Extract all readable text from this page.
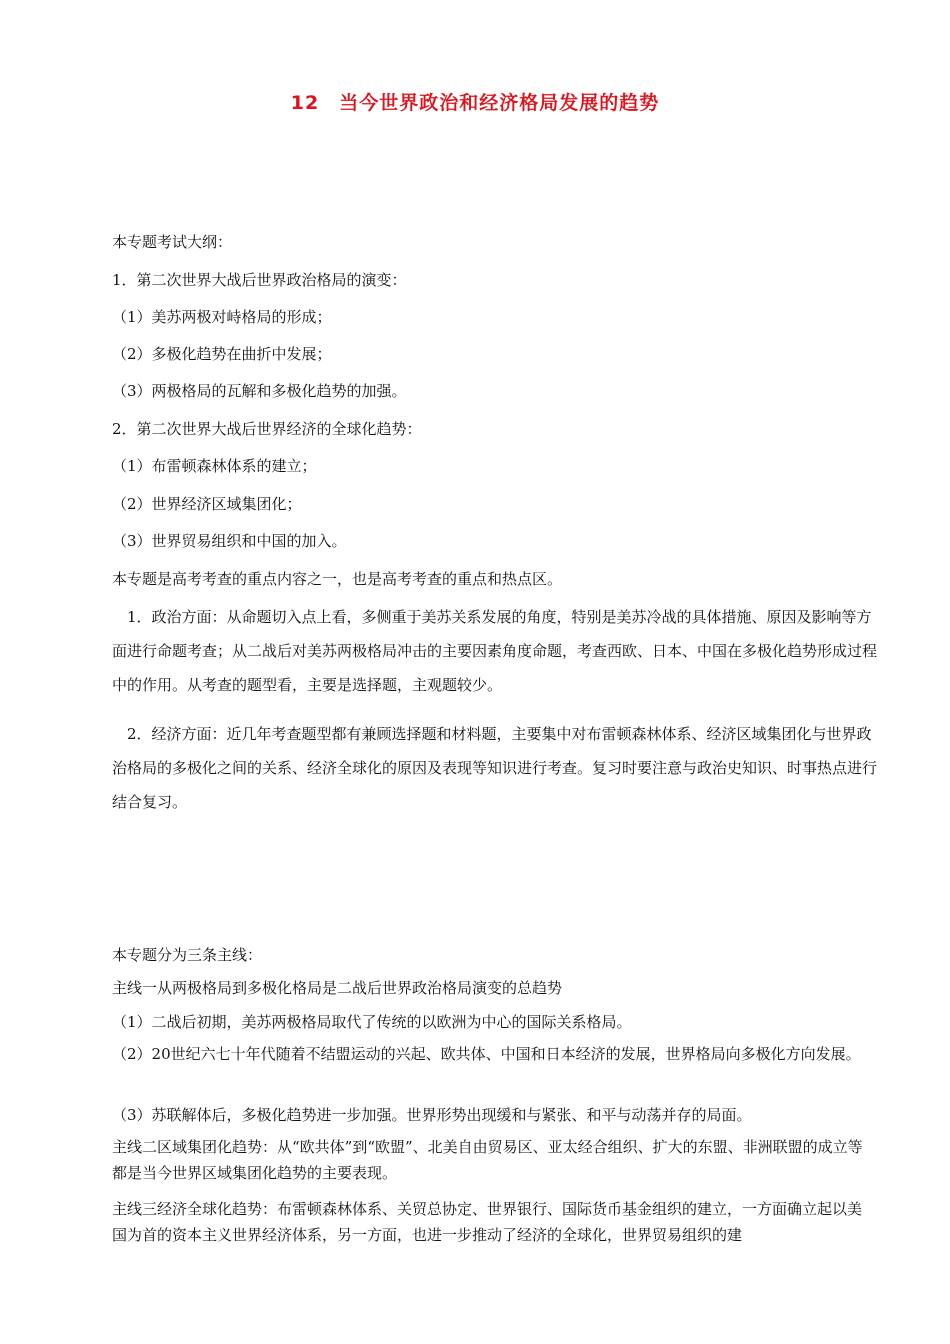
12　当今世界政治和经济格局发展的趋势
本专题考试大纲：
1．第二次世界大战后世界政治格局的演变：
（1）美苏两极对峙格局的形成；
（2）多极化趋势在曲折中发展；
（3）两极格局的瓦解和多极化趋势的加强。
2．第二次世界大战后世界经济的全球化趋势：
（1）布雷顿森林体系的建立；
（2）世界经济区域集团化；
（3）世界贸易组织和中国的加入。
本专题是高考考查的重点内容之一，也是高考考查的重点和热点区。
　1．政治方面：从命题切入点上看，多侧重于美苏关系发展的角度，特别是美苏冷战的具体措施、原因及影响等方面进行命题考查；从二战后对美苏两极格局冲击的主要因素角度命题，考查西欧、日本、中国在多极化趋势形成过程中的作用。从考查的题型看，主要是选择题，主观题较少。
　2．经济方面：近几年考查题型都有兼顾选择题和材料题，主要集中对布雷顿森林体系、经济区域集团化与世界政治格局的多极化之间的关系、经济全球化的原因及表现等知识进行考查。复习时要注意与政治史知识、时事热点进行结合复习。
本专题分为三条主线：
主线一从两极格局到多极化格局是二战后世界政治格局演变的总趋势
（1）二战后初期，美苏两极格局取代了传统的以欧洲为中心的国际关系格局。
（2）20世纪六七十年代随着不结盟运动的兴起、欧共体、中国和日本经济的发展，世界格局向多极化方向发展。
（3）苏联解体后，多极化趋势进一步加强。世界形势出现缓和与紧张、和平与动荡并存的局面。
主线二区域集团化趋势：从“欧共体”到“欧盟”、北美自由贸易区、亚太经合组织、扩大的东盟、非洲联盟的成立等都是当今世界区域集团化趋势的主要表现。
主线三经济全球化趋势：布雷顿森林体系、关贸总协定、世界银行、国际货币基金组织的建立，一方面确立起以美国为首的资本主义世界经济体系，另一方面，也进一步推动了经济的全球化，世界贸易组织的建
